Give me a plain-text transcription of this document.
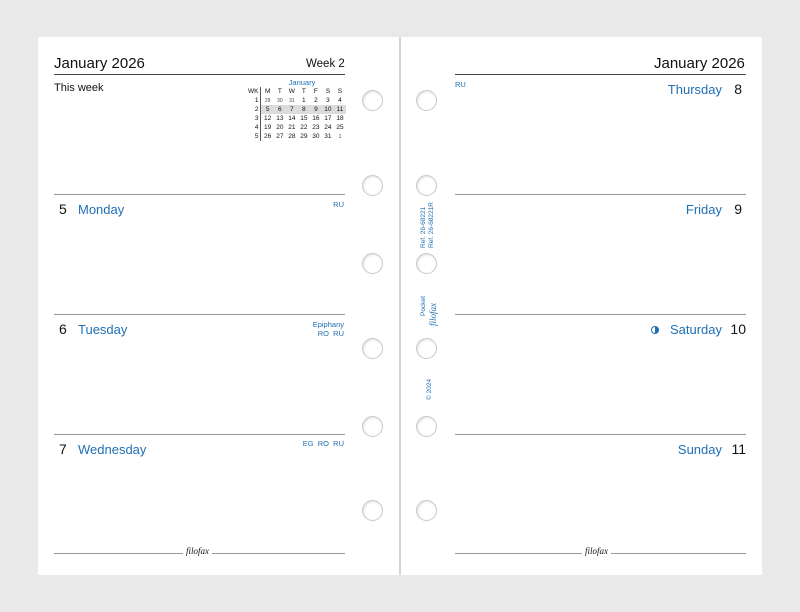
January 2026	Week 2
This week	January
WK	M	T	W	T	F	S	S
1	29	30	31	1	2	3	4
2	5	6	7	8	9	10	11
3	12	13	14	15	16	17	18
4	19	20	21	22	23	24	25
5	26	27	28	29	30	31	1
5 Monday	RU
6 Tuesday	Epiphany
RO  RU
7 Wednesday	EG  RO  RU
filofax
Ref. 26-68221 Ref. 26-68221R
Pocket filofax
© 2024
January 2026
RU	Thursday 8
Friday 9
Saturday 10
Sunday 11
filofax
